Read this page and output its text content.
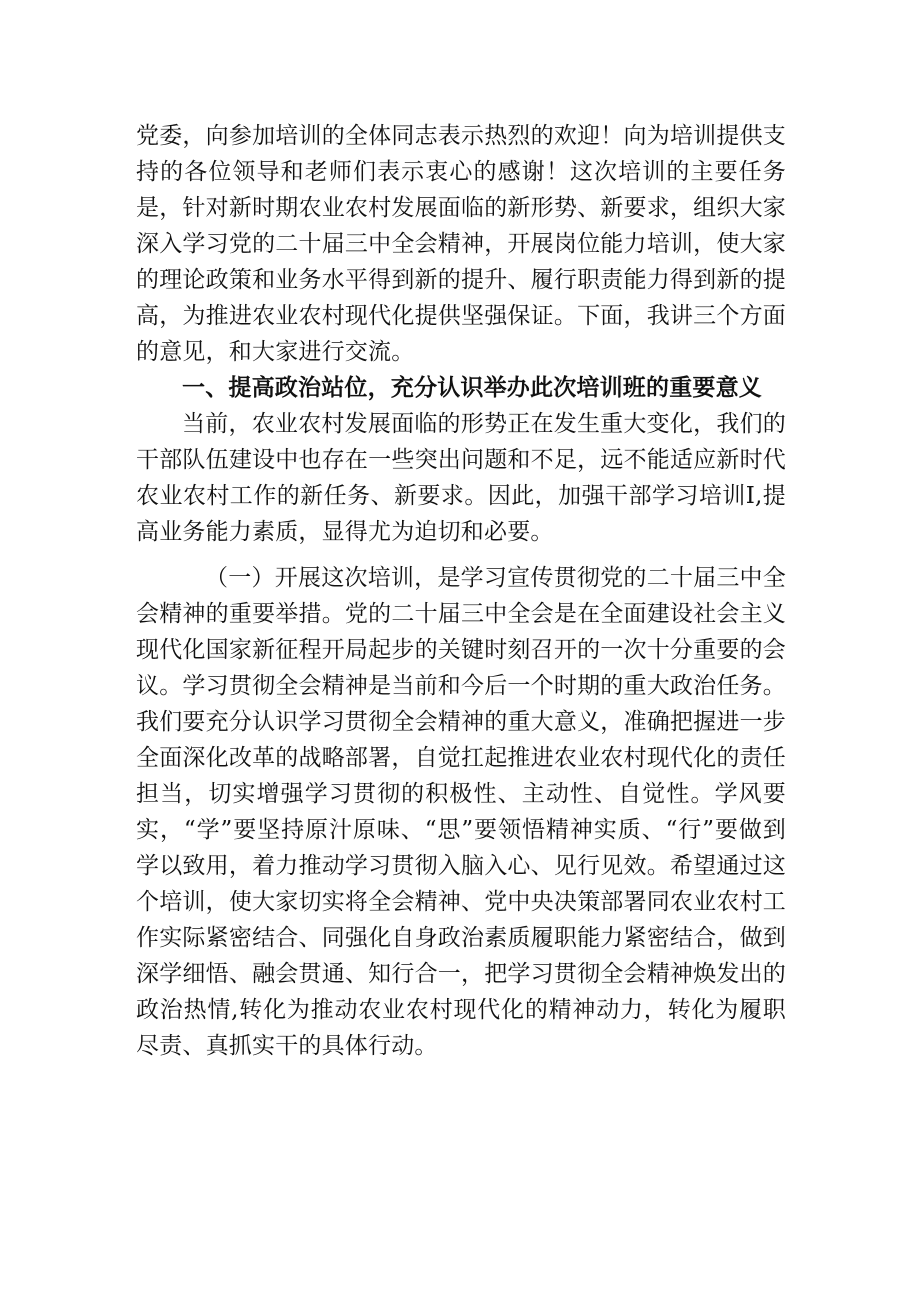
党委，向参加培训的全体同志表示热烈的欢迎！向为培训提供支持的各位领导和老师们表示衷心的感谢！这次培训的主要任务是，针对新时期农业农村发展面临的新形势、新要求，组织大家深入学习党的二十届三中全会精神，开展岗位能力培训，使大家的理论政策和业务水平得到新的提升、履行职责能力得到新的提高，为推进农业农村现代化提供坚强保证。下面，我讲三个方面的意见，和大家进行交流。

一、提高政治站位，充分认识举办此次培训班的重要意义

当前，农业农村发展面临的形势正在发生重大变化，我们的干部队伍建设中也存在一些突出问题和不足，远不能适应新时代农业农村工作的新任务、新要求。因此，加强干部学习培训I,提高业务能力素质，显得尤为迫切和必要。

（一）开展这次培训，是学习宣传贯彻党的二十届三中全会精神的重要举措。党的二十届三中全会是在全面建设社会主义现代化国家新征程开局起步的关键时刻召开的一次十分重要的会议。学习贯彻全会精神是当前和今后一个时期的重大政治任务。我们要充分认识学习贯彻全会精神的重大意义，准确把握进一步全面深化改革的战略部署，自觉扛起推进农业农村现代化的责任担当，切实增强学习贯彻的积极性、主动性、自觉性。学风要实，“学”要坚持原汁原味、“思”要领悟精神实质、“行”要做到学以致用，着力推动学习贯彻入脑入心、见行见效。希望通过这个培训，使大家切实将全会精神、党中央决策部署同农业农村工作实际紧密结合、同强化自身政治素质履职能力紧密结合，做到深学细悟、融会贯通、知行合一，把学习贯彻全会精神焕发出的政治热情,转化为推动农业农村现代化的精神动力，转化为履职尽责、真抓实干的具体行动。
